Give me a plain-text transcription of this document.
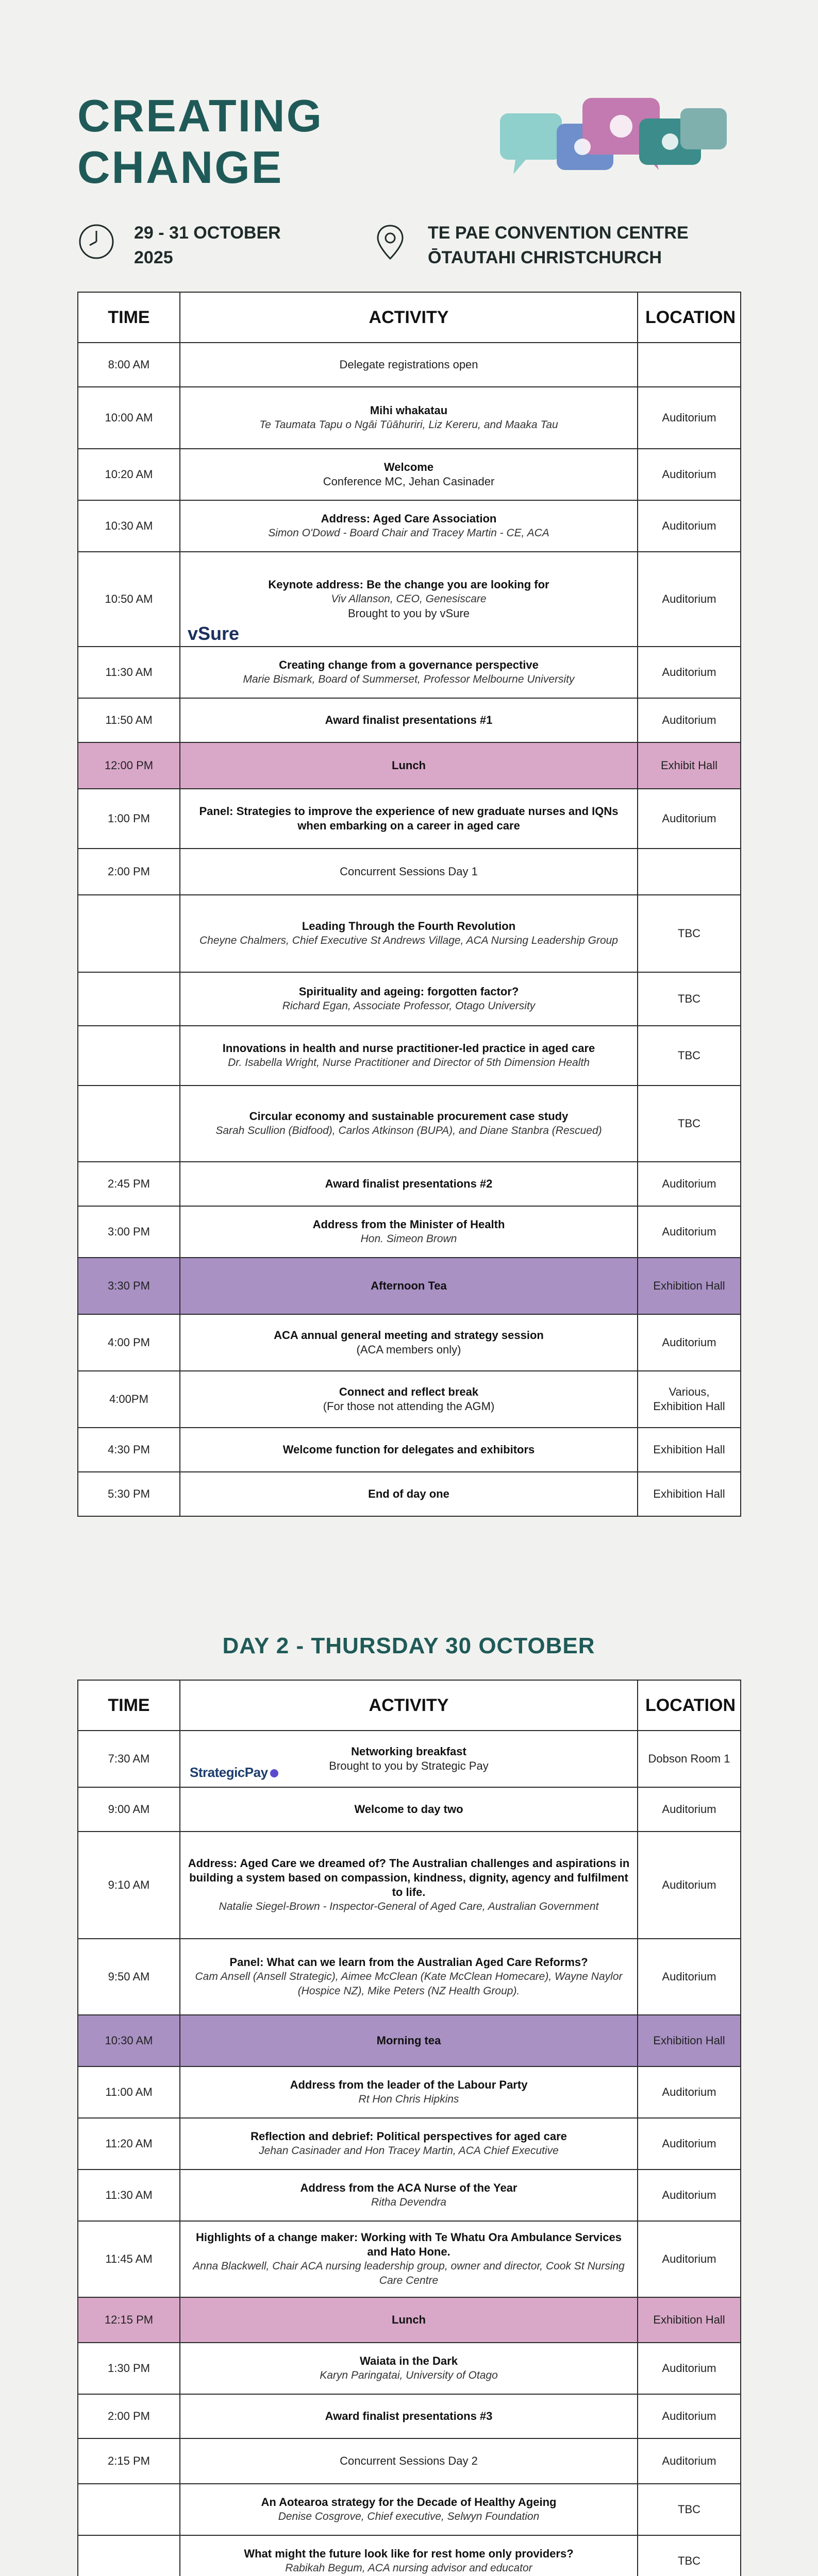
CREATING
CHANGE
29 - 31 OCTOBER
2025
TE PAE CONVENTION CENTRE
ŌTAUTAHI CHRISTCHURCH
TIME	ACTIVITY	LOCATION
8:00 AM	Delegate registrations open	

10:00 AM	Mihi whakatau
Te Taumata Tapu o Ngāi Tūāhuriri, Liz Kereru, and Maaka Tau	Auditorium
10:20 AM	Welcome
Conference MC, Jehan Casinader	Auditorium
10:30 AM	Address: Aged Care Association
Simon O'Dowd - Board Chair and Tracey Martin - CE, ACA	Auditorium
10:50 AM	Keynote address: Be the change you are looking for
Viv Allanson, CEO, Genesiscare
Brought to you by vSure
vSure	Auditorium
11:30 AM	Creating change from a governance perspective
Marie Bismark, Board of Summerset, Professor Melbourne University	Auditorium
11:50 AM	Award finalist presentations #1	Auditorium
12:00 PM	Lunch	Exhibit Hall
1:00 PM	Panel: Strategies to improve the experience of new graduate nurses and IQNs when embarking on a career in aged care	Auditorium
2:00 PM	Concurrent Sessions Day 1	

	Leading Through the Fourth Revolution
Cheyne Chalmers, Chief Executive St Andrews Village, ACA Nursing Leadership Group	TBC

	Spirituality and ageing: forgotten factor?
Richard Egan, Associate Professor, Otago University	TBC

	Innovations in health and nurse practitioner-led practice in aged care
Dr. Isabella Wright, Nurse Practitioner and Director of 5th Dimension Health	TBC

	Circular economy and sustainable procurement case study
Sarah Scullion (Bidfood), Carlos Atkinson (BUPA), and Diane Stanbra (Rescued)	TBC
2:45 PM	Award finalist presentations #2	Auditorium
3:00 PM	Address from the Minister of Health
Hon. Simeon Brown	Auditorium
3:30 PM	Afternoon Tea	Exhibition Hall
4:00 PM	ACA annual general meeting and strategy session
(ACA members only)	Auditorium
4:00PM	Connect and reflect break
(For those not attending the AGM)	Various, Exhibition Hall
4:30 PM	Welcome function for delegates and exhibitors	Exhibition Hall
5:30 PM	End of day one	Exhibition Hall
DAY 2 - THURSDAY 30 OCTOBER
TIME	ACTIVITY	LOCATION
7:30 AM	Networking breakfast
Brought to you by Strategic Pay
StrategicPay	Dobson Room 1
9:00 AM	Welcome to day two	Auditorium
9:10 AM	Address: Aged Care we dreamed of? The Australian challenges and aspirations in building a system based on compassion, kindness, dignity, agency and fulfilment to life.
Natalie Siegel-Brown - Inspector-General of Aged Care, Australian Government	Auditorium
9:50 AM	Panel: What can we learn from the Australian Aged Care Reforms?
Cam Ansell (Ansell Strategic), Aimee McClean (Kate McClean Homecare), Wayne Naylor (Hospice NZ), Mike Peters (NZ Health Group).	Auditorium
10:30 AM	Morning tea	Exhibition Hall
11:00 AM	Address from the leader of the Labour Party
Rt Hon Chris Hipkins	Auditorium
11:20 AM	Reflection and debrief: Political perspectives for aged care
Jehan Casinader and Hon Tracey Martin, ACA Chief Executive	Auditorium
11:30 AM	Address from the ACA Nurse of the Year
Ritha Devendra	Auditorium
11:45 AM	Highlights of a change maker: Working with Te Whatu Ora Ambulance Services and Hato Hone.
Anna Blackwell, Chair ACA nursing leadership group, owner and director, Cook St Nursing Care Centre	Auditorium
12:15 PM	Lunch	Exhibition Hall
1:30 PM	Waiata in the Dark
Karyn Paringatai, University of Otago	Auditorium
2:00 PM	Award finalist presentations #3	Auditorium
2:15 PM	Concurrent Sessions Day 2	Auditorium

	An Aotearoa strategy for the Decade of Healthy Ageing
Denise Cosgrove, Chief executive, Selwyn Foundation	TBC

	What might the future look like for rest home only providers?
Rabikah Begum, ACA nursing advisor and educator	TBC
